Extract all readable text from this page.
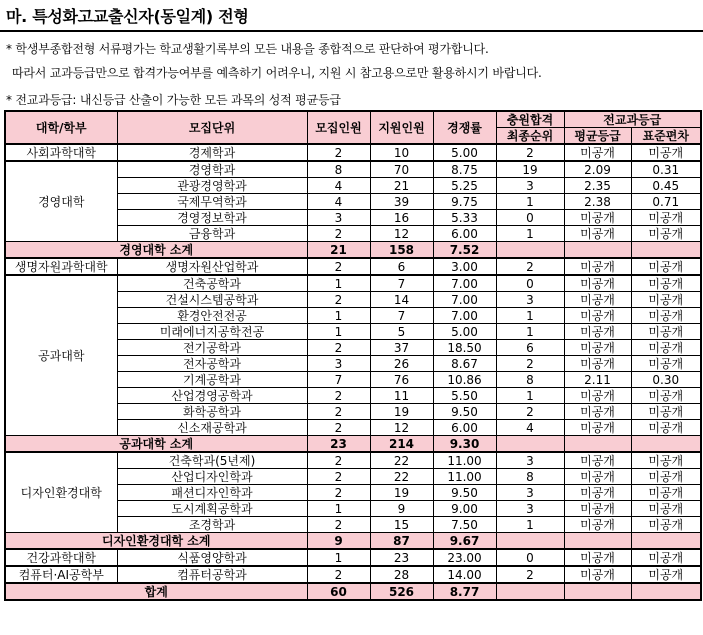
마. 특성화고교출신자(동일계) 전형
* 학생부종합전형 서류평가는 학교생활기록부의 모든 내용을 종합적으로 판단하여 평가합니다.
따라서 교과등급만으로 합격가능여부를 예측하기 어려우니, 지원 시 참고용으로만 활용하시기 바랍니다.
* 전교과등급: 내신등급 산출이 가능한 모든 과목의 성적 평균등급
대학/학부	모집단위	모집인원	지원인원	경쟁률	충원합격	전교과등급	
					최종순위	평균등급	표준편차
사회과학대학	경제학과	2	10	5.00	2	미공개	미공개
경영대학	경영학과	8	70	8.75	19	2.09	0.31
	관광경영학과	4	21	5.25	3	2.35	0.45
	국제무역학과	4	39	9.75	1	2.38	0.71
	경영정보학과	3	16	5.33	0	미공개	미공개
	금융학과	2	12	6.00	1	미공개	미공개
경영대학 소계		21	158	7.52			
생명자원과학대학	생명자원산업학과	2	6	3.00	2	미공개	미공개
공과대학	건축공학과	1	7	7.00	0	미공개	미공개
	건설시스템공학과	2	14	7.00	3	미공개	미공개
	환경안전전공	1	7	7.00	1	미공개	미공개
	미래에너지공학전공	1	5	5.00	1	미공개	미공개
	전기공학과	2	37	18.50	6	미공개	미공개
	전자공학과	3	26	8.67	2	미공개	미공개
	기계공학과	7	76	10.86	8	2.11	0.30
	산업경영공학과	2	11	5.50	1	미공개	미공개
	화학공학과	2	19	9.50	2	미공개	미공개
	신소재공학과	2	12	6.00	4	미공개	미공개
공과대학 소계		23	214	9.30			
디자인환경대학	건축학과(5년제)	2	22	11.00	3	미공개	미공개
	산업디자인학과	2	22	11.00	8	미공개	미공개
	패션디자인학과	2	19	9.50	3	미공개	미공개
	도시계획공학과	1	9	9.00	3	미공개	미공개
	조경학과	2	15	7.50	1	미공개	미공개
디자인환경대학 소계		9	87	9.67			
건강과학대학	식품영양학과	1	23	23.00	0	미공개	미공개
컴퓨터·AI공학부	컴퓨터공학과	2	28	14.00	2	미공개	미공개
합계		60	526	8.77			
